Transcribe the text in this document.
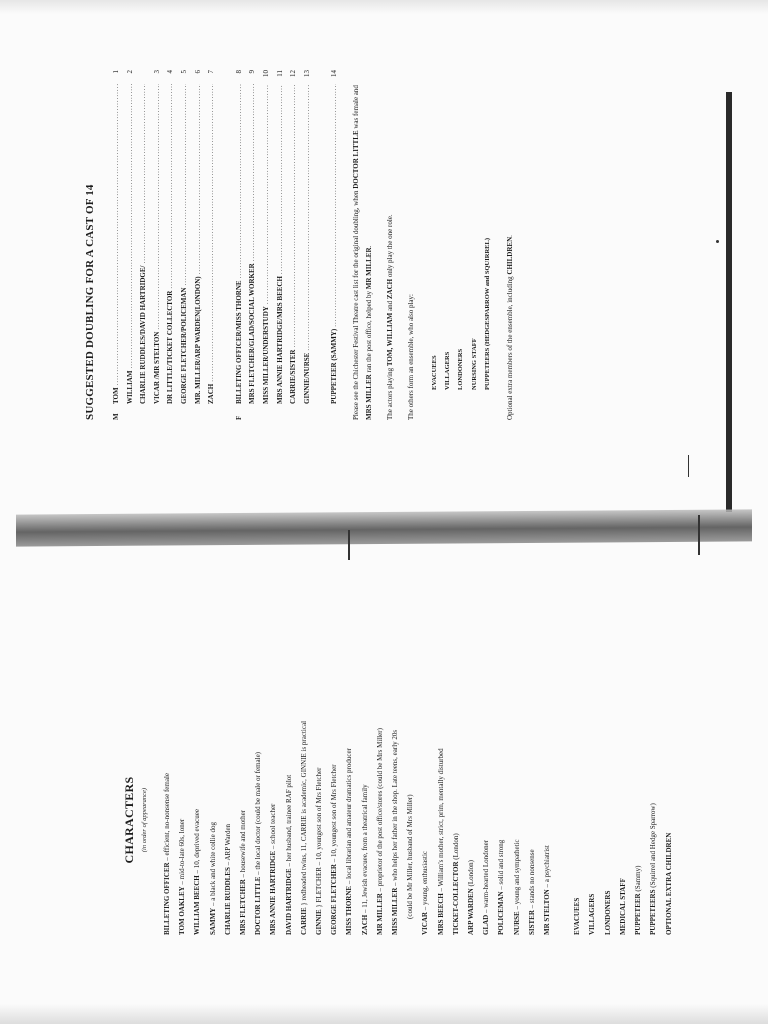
CHARACTERS (in order of appearance)
BILLETING OFFICER – efficient, no-nonsense female
TOM OAKLEY – mid-to-late 60s, loner
WILLIAM BEECH – 10, deprived evacuee
SAMMY – a black and white collie dog	CHARLIE RUDDLES – ARP Warden
MRS FLETCHER – housewife and mother
DOCTOR LITTLE – the local doctor (could be male or female)
MRS ANNIE HARTRIDGE – school teacher
DAVID HARTRIDGE – her husband, trainee RAF pilot
CARRIE } redheaded twins, 11, CARRIE is academic, GINNIE is practical
GINNIE } FLETCHER – 10, youngest son of Mrs Fletcher	GEORGE FLETCHER – 10, youngest son of Mrs Fletcher
MISS THORNE – local librarian and amateur dramatics producer
ZACH – 11, Jewish evacuee, from a theatrical family	MR MILLER – proprietor of the post office/stores (could be Mrs Miller)
MISS MILLER – who helps her father in the shop. Late teens, early 20s	(could be Mr Miller, husband of Mrs Miller)
VICAR – young, enthusiastic
MRS BEECH – William's mother, strict, prim, mentally disturbed
TICKET-COLLECTOR (London)
ARP WARDEN (London)
GLAD – warm-hearted Londoner	POLICEMAN – solid and strong
NURSE – young and sympathetic
SISTER – stands no nonsense
MR STELTON – a psychiatrist
EVACUEES	VILLAGERS	LONDONERS	MEDICAL STAFF	PUPPETEER (Sammy)
PUPPETEERS (Squirrel and Hedge Sparrow)	OPTIONAL EXTRA CHILDREN
SUGGESTED DOUBLING FOR A CAST OF 14 M
TOM
.....
1
WILLIAM
.....
2
CHARLIE RUDDLES/DAVID HARTRIDGE/
..... VICAR /MR STELTON
.....
3
DR LITTLE/TICKET COLLECTOR
.....
4
GEORGE FLETCHER/POLICEMAN
.....
5
MR. MILLER/ARP WARDEN(LONDON)
.....
6
ZACH
.....
7
F
BILLETING OFFICER/MISS THORNE
.....
8
MRS FLETCHER/GLAD/SOCIAL WORKER
.....
9
MISS MILLER/UNDERSTUDY
.....
10
MRS ANNIE HARTRIDGE/MRS BEECH
.....
11
CARRIE/SISTER
.....
12
GINNIE/NURSE
.....
13
PUPPETEER (SAMMY)
.....
14
Please see the Chichester Festival Theatre cast list for the original doubling, when DOCTOR LITTLE was female and MRS MILLER ran the post office, helped by MR MILLER.
The actors playing TOM, WILLIAM and ZACH only play the one role.
The others form an ensemble, who also play:	EVACUEES VILLAGERS LONDONERS NURSING STAFF PUPPETEERS (HEDGESPARROW and SQUIRREL)	Optional extra members of the ensemble, including CHILDREN.
